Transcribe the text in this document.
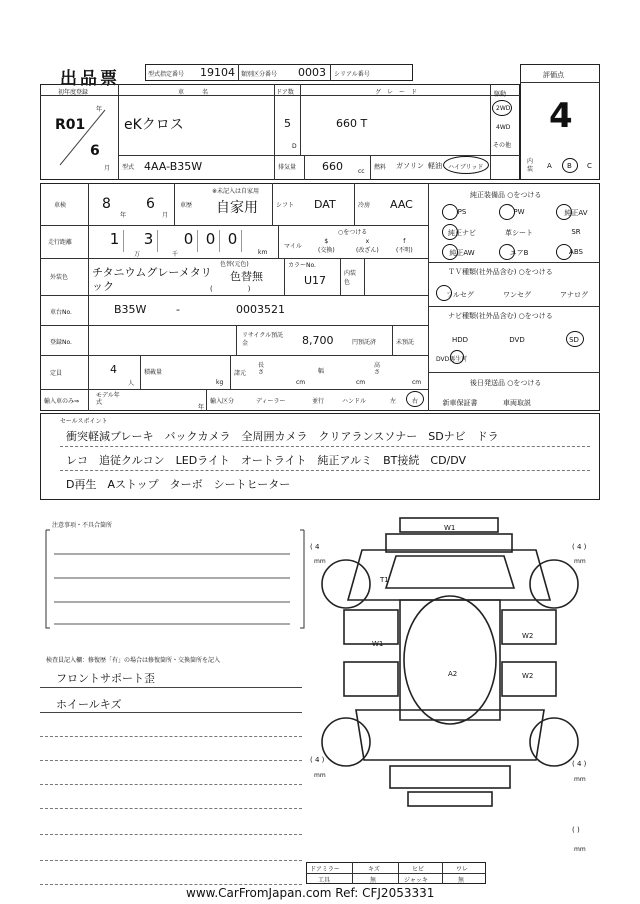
出品票	型式指定番号 19104 類別区分番号 0003 シリアル番号	評価点
4
初年度登録
年
月
R01
6
車　　　名
eKクロス
ドア数
5
D
グ　レ　ー　ド
660 T
駆動
2WD
4WD
その他
型式 4AA-B35W	排気量 660	cc
燃料 ガソリン 軽油 ハイブリッド
内装 A B C
車検	8
年
6
月
車歴
※未記入は自家用
自家用	シフト DAT	冷房 AAC
走行距離	1	3	0 0 0
万	千	km
マイル
○をつける
$
(交換)
x
(改ざん)
f
(不明)
外装色
色替(元色)
チタニウムグレーメタリック
色替無
(　　　　　)
カラーNo.
U17
内装色
車台No.	B35W	-	0003521
登録No.
リサイクル預託金	8,700	円預託済	未預託
定員	4
人
積載量
kg
諸元
長さ
cm
幅
cm
高さ
cm
輸入車のみ⇒
モデル年式
年
輸入区分	ディーラー	並行	ハンドル	左	右
純正装備品 ○をつける
PS	PW	純正AV
純正ナビ	革シート	SR
純正AW	エアB	ABS
ＴＶ種類(社外品含む) ○をつける
フルセグ	ワンセグ	アナログ
ナビ種類(社外品含む) ○をつける
HDD	DVD	SD
DVD再生可
後日発送品 ○をつける
新車保証書	車両取説
セールスポイント
衝突軽減ブレーキ　バックカメラ　全周囲カメラ　クリアランスソナー　SDナビ　ドラ
レコ　追従クルコン　LEDライト　オートライト　純正アルミ　BT接続　CD/DV
D再生　Aストップ　ターボ　シートヒーター
注意事項・不具合箇所
検査員記入欄：修復歴「有」の場合は修復箇所・交換箇所を記入
フロントサポート歪
ホイールキズ
W1
T1
W1
W2
A2	W2
( 4
mm
( 4 )
mm
( 4 )
mm
( 4 )
mm
( )
mm
ドアミラー	キズ	ヒビ	ワレ
工具	無	ジャッキ	無
www.CarFromJapan.com Ref: CFJ2053331
